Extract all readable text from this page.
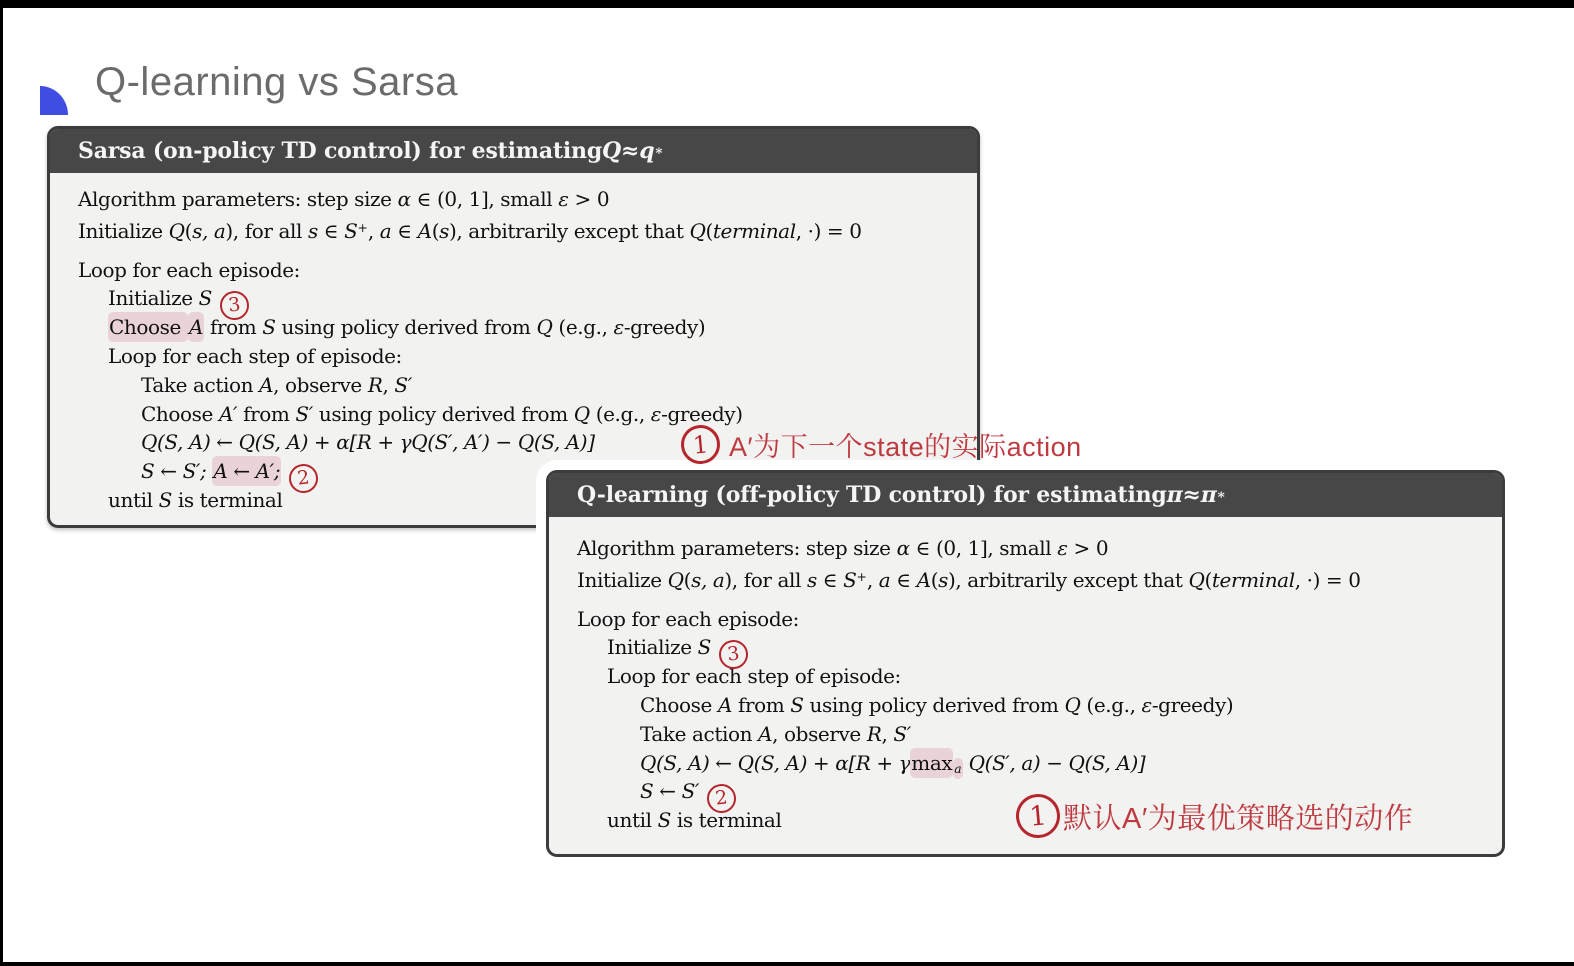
Q-learning vs Sarsa
Sarsa (on-policy TD control) for estimating Q ≈ q ∗
Algorithm parameters: step size α ∈ (0, 1], small ε > 0
Initialize Q(s, a), for all s ∈ S+, a ∈ A(s), arbitrarily except that Q(terminal, ·) = 0
Loop for each episode:
Initialize S 3
Choose A from S using policy derived from Q (e.g., ε-greedy)
Loop for each step of episode:
Take action A, observe R, S′
Choose A′ from S′ using policy derived from Q (e.g., ε-greedy)
Q(S, A) ← Q(S, A) + α[R + γQ(S′, A′) − Q(S, A)]
S ← S′; A ← A′; 2
until S is terminal	Q-learning (off-policy TD control) for estimating π ≈ π ∗
Algorithm parameters: step size α ∈ (0, 1], small ε > 0
Initialize Q(s, a), for all s ∈ S+, a ∈ A(s), arbitrarily except that Q(terminal, ·) = 0
Loop for each episode:
Initialize S 3
Loop for each step of episode:
Choose A from S using policy derived from Q (e.g., ε-greedy)
Take action A, observe R, S′
Q(S, A) ← Q(S, A) + α[R + γmax $_a$ Q(S′, a) − Q(S, A)]
S ← S′ 2
until S is terminal
1 A′为下一个state的实际action
1 默认A′为最优策略选的动作
